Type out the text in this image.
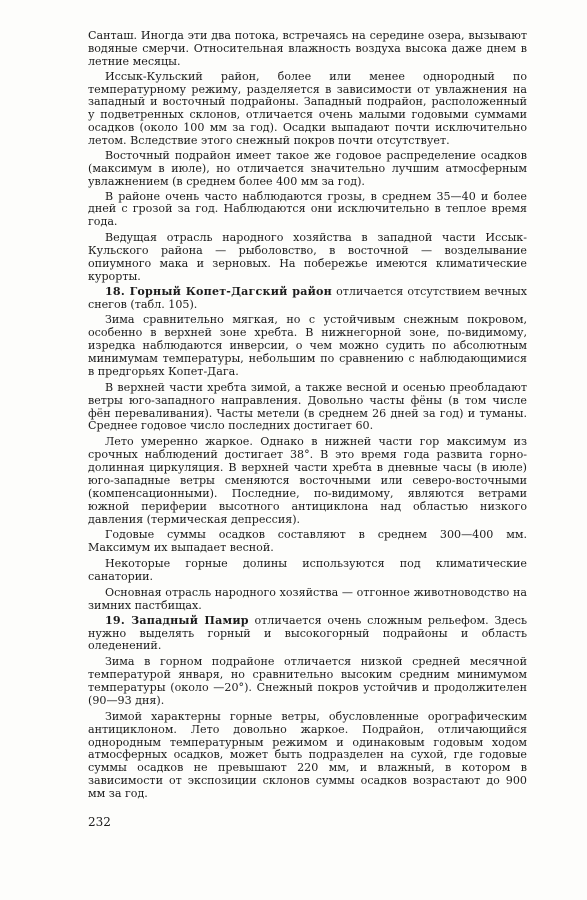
Санташ. Иногда эти два потока, встречаясь на середине озера, вызывают водяные смерчи. Относительная влажность воздуха высока даже днем в летние месяцы.

Иссык-Кульский район, более или менее однородный по температурному режиму, разделяется в зависимости от увлажнения на западный и восточный подрайоны. Западный подрайон, расположенный у подветренных склонов, отличается очень малыми годовыми суммами осадков (около 100 мм за год). Осадки выпадают почти исключительно летом. Вследствие этого снежный покров почти отсутствует.

Восточный подрайон имеет такое же годовое распределение осадков (максимум в июле), но отличается значительно лучшим атмосферным увлажнением (в среднем более 400 мм за год).

В районе очень часто наблюдаются грозы, в среднем 35—40 и более дней с грозой за год. Наблюдаются они исключительно в теплое время года.

Ведущая отрасль народного хозяйства в западной части Иссык-Кульского района — рыболовство, в восточной — возделывание опиумного мака и зерновых. На побережье имеются климатические курорты.

18. Горный Копет-Дагский район отличается отсутствием вечных снегов (табл. 105).

Зима сравнительно мягкая, но с устойчивым снежным покровом, особенно в верхней зоне хребта. В нижнегорной зоне, по-видимому, изредка наблюдаются инверсии, о чем можно судить по абсолютным минимумам температуры, небольшим по сравнению с наблюдающимися в предгорьях Копет-Дага.

В верхней части хребта зимой, а также весной и осенью преобладают ветры юго-западного направления. Довольно часты фёны (в том числе фён переваливания). Часты метели (в среднем 26 дней за год) и туманы. Среднее годовое число последних достигает 60.

Лето умеренно жаркое. Однако в нижней части гор максимум из срочных наблюдений достигает 38°. В это время года развита горно-долинная циркуляция. В верхней части хребта в дневные часы (в июле) юго-западные ветры сменяются восточными или северо-восточными (компенсационными). Последние, по-видимому, являются ветрами южной периферии высотного антициклона над областью низкого давления (термическая депрессия).

Годовые суммы осадков составляют в среднем 300—400 мм. Максимум их выпадает весной.

Некоторые горные долины используются под климатические санатории.

Основная отрасль народного хозяйства — отгонное животноводство на зимних пастбищах.

19. Западный Памир отличается очень сложным рельефом. Здесь нужно выделять горный и высокогорный подрайоны и область оледенений.

Зима в горном подрайоне отличается низкой средней месячной температурой января, но сравнительно высоким средним минимумом температуры (около —20°). Снежный покров устойчив и продолжителен (90—93 дня).

Зимой характерны горные ветры, обусловленные орографическим антициклоном. Лето довольно жаркое. Подрайон, отличающийся однородным температурным режимом и одинаковым годовым ходом атмосферных осадков, может быть подразделен на сухой, где годовые суммы осадков не превышают 220 мм, и влажный, в котором в зависимости от экспозиции склонов суммы осадков возрастают до 900 мм за год.

232
